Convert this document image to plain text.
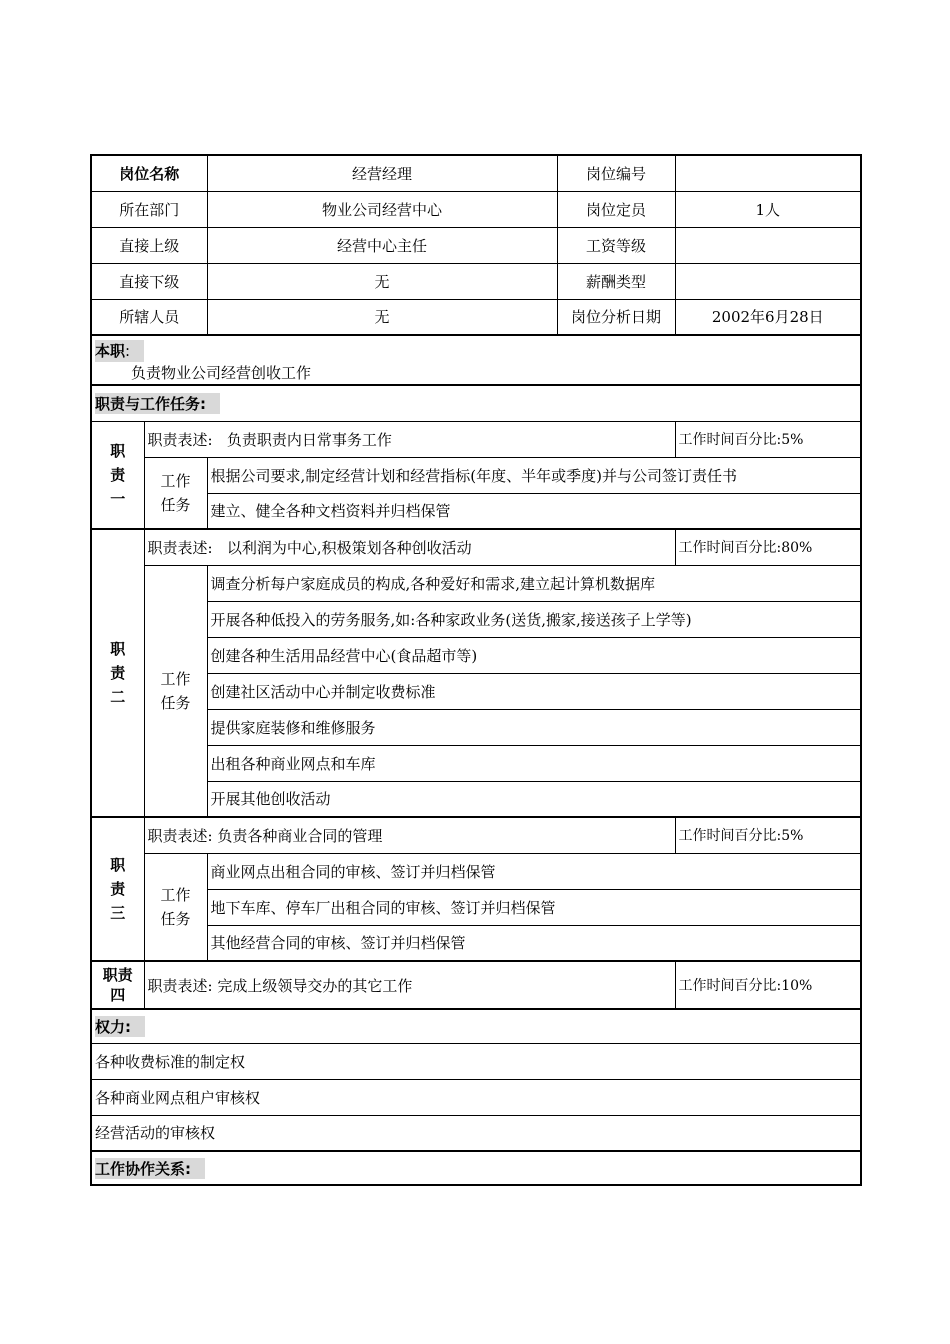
岗位名称		经营经理	岗位编号	
所在部门		物业公司经营中心	岗位定员	1人
直接上级		经营中心主任	工资等级	
直接下级		无	薪酬类型	
所辖人员		无	岗位分析日期	2002年6月28日

本职:
负责物业公司经营创收工作				

职责与工作任务:				

职
责
一	职责表述: 负责职责内日常事务工作			工作时间百分比:5%

	工作
任务	根据公司要求,制定经营计划和经营指标(年度、半年或季度)并与公司签订责任书		
		建立、健全各种文档资料并归档保管		

职
责
二	职责表述: 以利润为中心,积极策划各种创收活动			工作时间百分比:80%

	工作
任务	调查分析每户家庭成员的构成,各种爱好和需求,建立起计算机数据库		
		开展各种低投入的劳务服务,如:各种家政业务(送货,搬家,接送孩子上学等)		
		创建各种生活用品经营中心(食品超市等)		
		创建社区活动中心并制定收费标准		
		提供家庭装修和维修服务		
		出租各种商业网点和车库		
		开展其他创收活动		

职
责
三	职责表述: 负责各种商业合同的管理			工作时间百分比:5%

	工作
任务	商业网点出租合同的审核、签订并归档保管		
		地下车库、停车厂出租合同的审核、签订并归档保管		
		其他经营合同的审核、签订并归档保管		

职责
四	职责表述: 完成上级领导交办的其它工作			工作时间百分比:10%
权力:				
各种收费标准的制定权				
各种商业网点租户审核权				
经营活动的审核权				
工作协作关系:				
